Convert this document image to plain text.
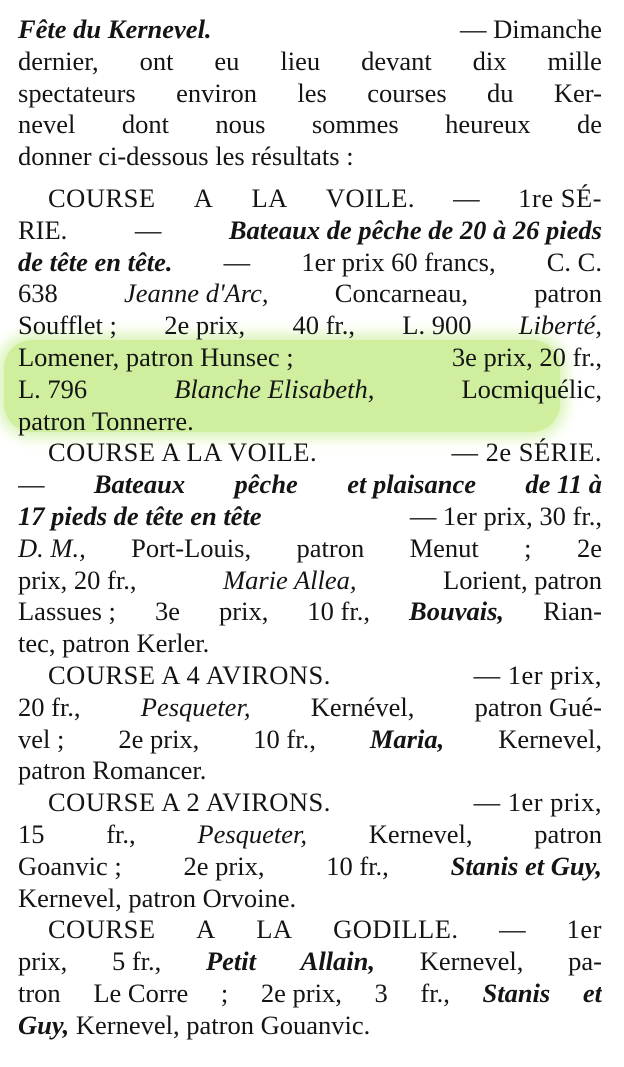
Fête du Kernevel.	— Dimanche
dernier, ont eu lieu devant dix mille
spectateurs environ les courses du Ker-
nevel dont nous sommes heureux de
donner ci-dessous les résultats :
COURSE A LA VOILE. — 1re SÉ-
RIE.	—	Bateaux de pêche de 20 à 26 pieds
de tête en tête. — 1er prix 60 francs, C. C.
638	Jeanne d'Arc,	Concarneau,	patron
Soufflet ; 2e prix, 40 fr., L. 900 Liberté,
Lomener, patron Hunsec ;	3e prix, 20 fr.,
L. 796	Blanche Elisabeth,	Locmiquélic,
patron Tonnerre.
COURSE A LA VOILE.	— 2e SÉRIE.
— Bateaux pêche et plaisance de 11 à
17 pieds de tête en tête	— 1er prix, 30 fr.,
D. M., Port-Louis, patron Menut ; 2e
prix, 20 fr.,	Marie Allea,	Lorient, patron
Lassues ; 3e prix, 10 fr., Bouvais, Rian-
tec, patron Kerler.
COURSE A 4 AVIRONS.	— 1er prix,
20 fr., Pesqueter, Kernével, patron Gué-
vel ; 2e prix, 10 fr., Maria, Kernevel,
patron Romancer.
COURSE A 2 AVIRONS.	— 1er prix,
15 fr., Pesqueter, Kernevel, patron
Goanvic ; 2e prix, 10 fr., Stanis et Guy,
Kernevel, patron Orvoine.
COURSE A LA GODILLE. — 1er
prix, 5 fr., Petit Allain, Kernevel, pa-
tron Le Corre ; 2e prix, 3 fr., Stanis et
Guy,
Kernevel, patron Gouanvic.
